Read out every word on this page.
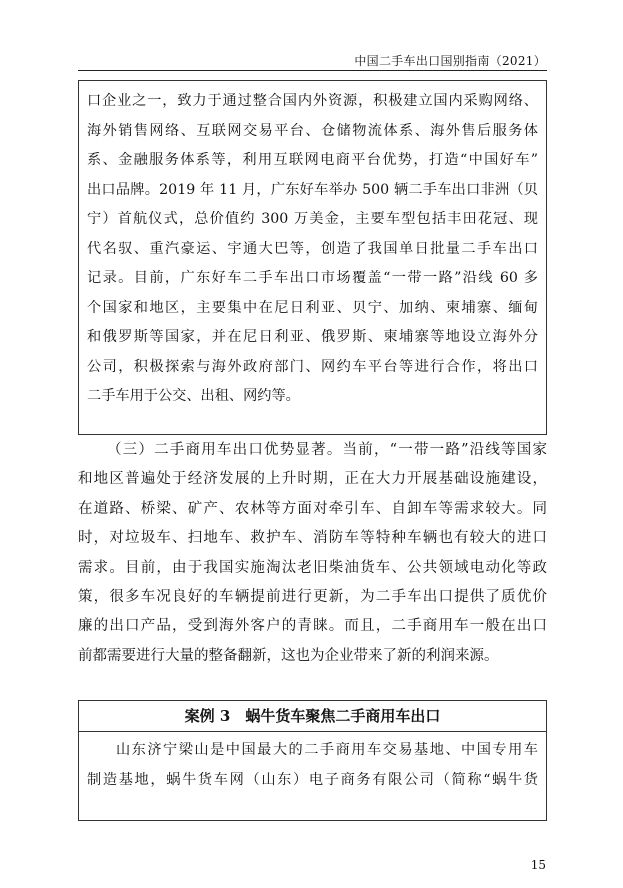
中国二手车出口国别指南（2021）
口企业之一，致力于通过整合国内外资源，积极建立国内采购网络、
海外销售网络、互联网交易平台、仓储物流体系、海外售后服务体
系、金融服务体系等，利用互联网电商平台优势，打造“中国好车”
出口品牌。2019 年 11 月，广东好车举办 500 辆二手车出口非洲（贝
宁）首航仪式，总价值约 300 万美金，主要车型包括丰田花冠、现
代名驭、重汽豪运、宇通大巴等，创造了我国单日批量二手车出口
记录。目前，广东好车二手车出口市场覆盖“一带一路”沿线 60 多
个国家和地区，主要集中在尼日利亚、贝宁、加纳、柬埔寨、缅甸
和俄罗斯等国家，并在尼日利亚、俄罗斯、柬埔寨等地设立海外分
公司，积极探索与海外政府部门、网约车平台等进行合作，将出口
二手车用于公交、出租、网约等。
（三）二手商用车出口优势显著。当前，“一带一路”沿线等国家
和地区普遍处于经济发展的上升时期，正在大力开展基础设施建设，
在道路、桥梁、矿产、农林等方面对牵引车、自卸车等需求较大。同
时，对垃圾车、扫地车、救护车、消防车等特种车辆也有较大的进口
需求。目前，由于我国实施淘汰老旧柴油货车、公共领域电动化等政
策，很多车况良好的车辆提前进行更新，为二手车出口提供了质优价
廉的出口产品，受到海外客户的青睐。而且，二手商用车一般在出口
前都需要进行大量的整备翻新，这也为企业带来了新的利润来源。
案例 3　蜗牛货车聚焦二手商用车出口
山东济宁梁山是中国最大的二手商用车交易基地、中国专用车
制造基地，蜗牛货车网（山东）电子商务有限公司（简称“蜗牛货
15
